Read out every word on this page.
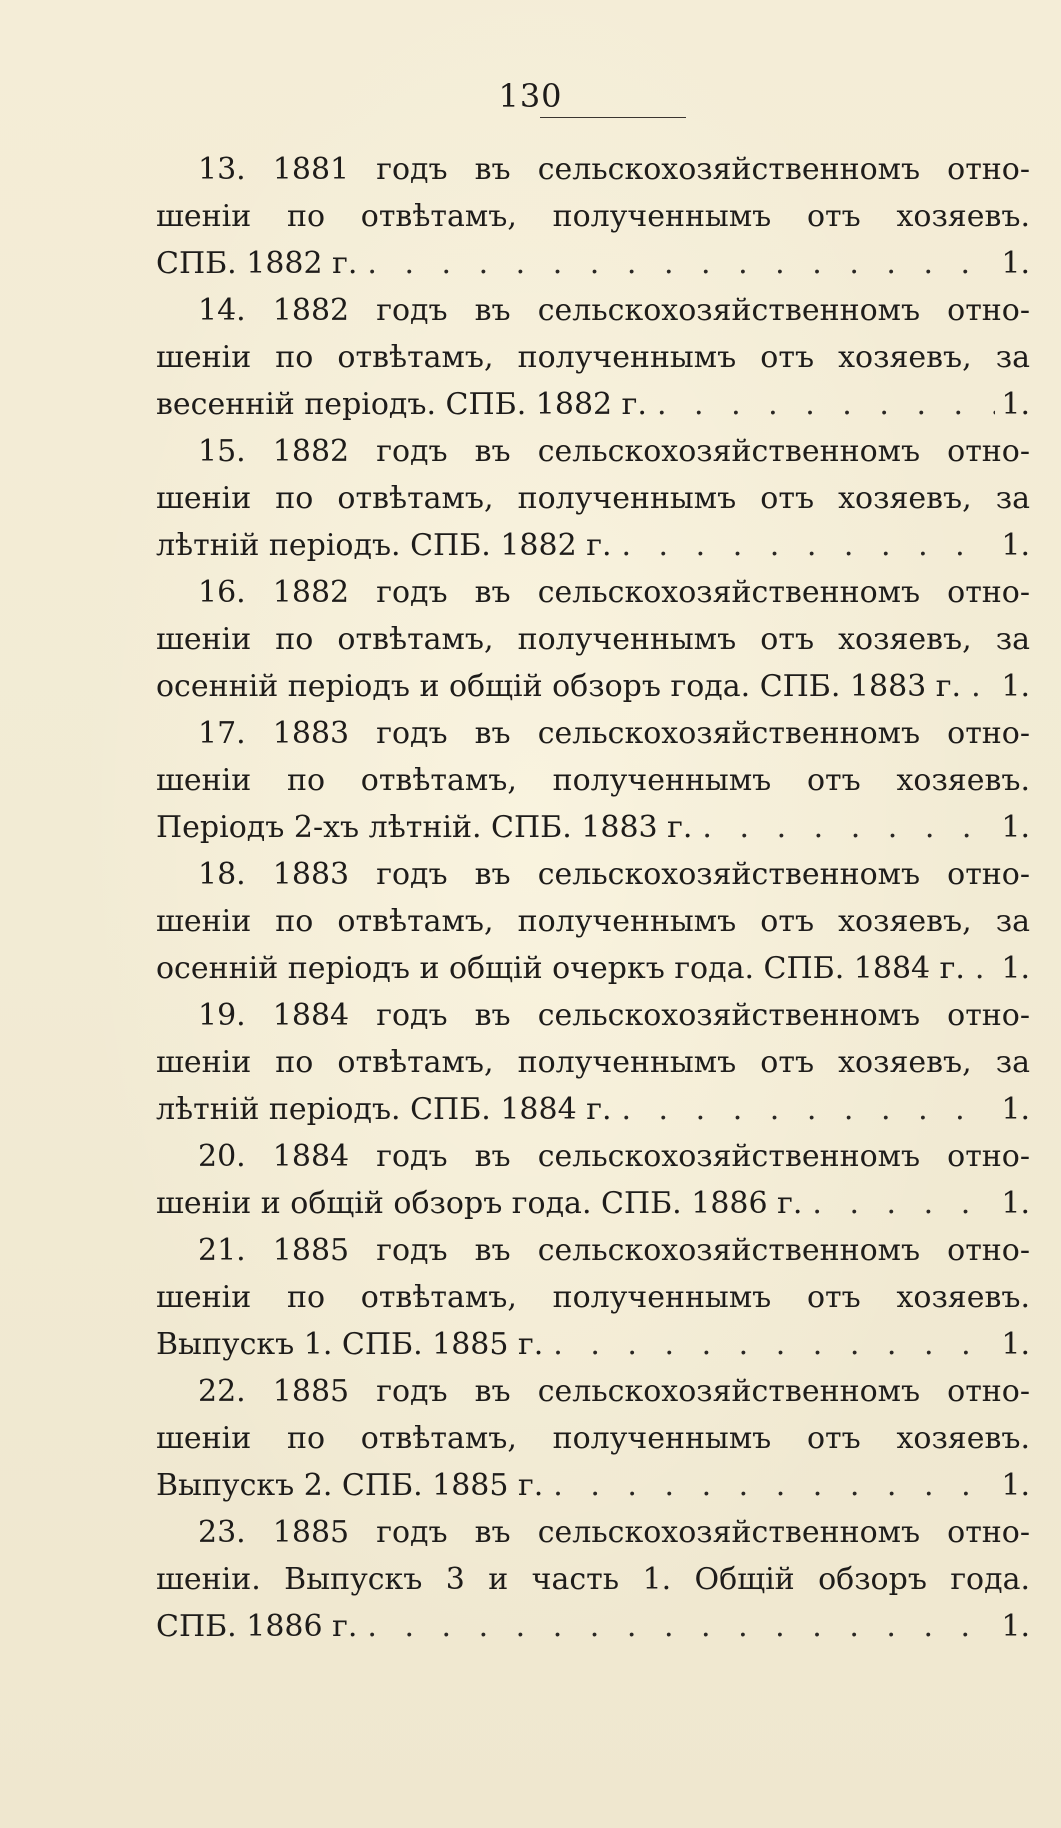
130
13. 1881 годъ въ сельскохозяйственномъ отно-
шеніи по отвѣтамъ, полученнымъ отъ хозяевъ.
СПБ. 1882 г. . . .	1.
14. 1882 годъ въ сельскохозяйственномъ отно-
шеніи по отвѣтамъ, полученнымъ отъ хозяевъ, за
весенній періодъ. СПБ. 1882 г. . . .	1.
15. 1882 годъ въ сельскохозяйственномъ отно-
шеніи по отвѣтамъ, полученнымъ отъ хозяевъ, за
лѣтній періодъ. СПБ. 1882 г. . . .	1.
16. 1882 годъ въ сельскохозяйственномъ отно-
шеніи по отвѣтамъ, полученнымъ отъ хозяевъ, за
осенній періодъ и общій обзоръ года. СПБ. 1883 г. . . . 1.
17. 1883 годъ въ сельскохозяйственномъ отно-
шеніи по отвѣтамъ, полученнымъ отъ хозяевъ.
Періодъ 2-хъ лѣтній. СПБ. 1883 г. . . .	1.
18. 1883 годъ въ сельскохозяйственномъ отно-
шеніи по отвѣтамъ, полученнымъ отъ хозяевъ, за
осенній періодъ и общій очеркъ года. СПБ. 1884 г. . . . 1.
19. 1884 годъ въ сельскохозяйственномъ отно-
шеніи по отвѣтамъ, полученнымъ отъ хозяевъ, за
лѣтній періодъ. СПБ. 1884 г. . . .	1.
20. 1884 годъ въ сельскохозяйственномъ отно-
шеніи и общій обзоръ года. СПБ. 1886 г. . . .	1.
21. 1885 годъ въ сельскохозяйственномъ отно-
шеніи по отвѣтамъ, полученнымъ отъ хозяевъ.
Выпускъ 1. СПБ. 1885 г. . . .	1.
22. 1885 годъ въ сельскохозяйственномъ отно-
шеніи по отвѣтамъ, полученнымъ отъ хозяевъ.
Выпускъ 2. СПБ. 1885 г. . . .	1.
23. 1885 годъ въ сельскохозяйственномъ отно-
шеніи. Выпускъ 3 и часть 1. Общій обзоръ года.
СПБ. 1886 г. . . .	1.
